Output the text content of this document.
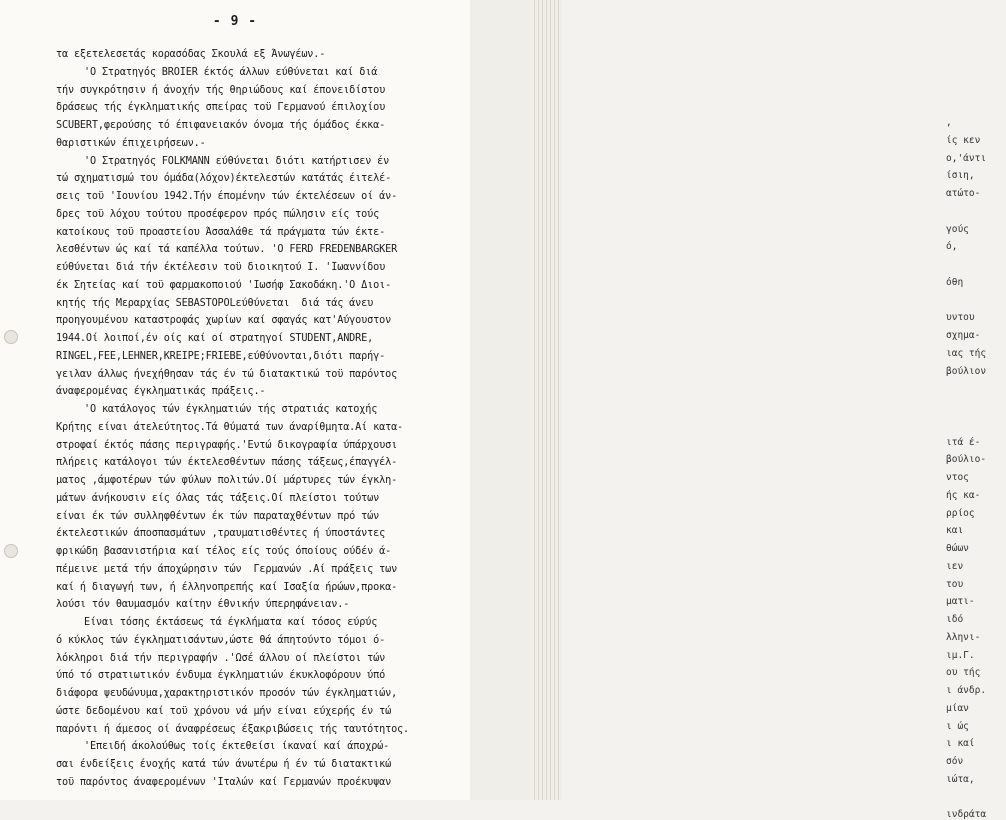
- 9 -
τα εξετελεσετάς κορασόδας Σκουλά εξ Άνωγέων.-
'Ο Στρατηγός BROIER έκτός άλλων εύθύνεται καί διά
τήν συγκρότησιν ή άνοχήν τής θηριώδους καί έπονειδίστου
δράσεως τής έγκληματικής σπείρας τοϋ Γερμανού έπιλοχίου
SCUBERT,φερούσης τό έπιφανειακόν όνομα τής όμάδος έκκα-
θαριστικών έπιχειρήσεων.-
'Ο Στρατηγός FOLKMANN εύθύνεται διότι κατήρτισεν έν
τώ σχηματισμώ του όμάδα(λόχον)έκτελεστών κατάτάς έιτελέ-
σεις τοϋ 'Ιουνίου 1942.Τήν έπομένην τών έκτελέσεων οί άν-
δρες τοϋ λόχου τούτου προσέφερον πρός πώλησιν είς τούς
κατοίκους τοϋ προαστείου Άσσαλάθε τά πράγματα τών έκτε-
λεσθέντων ώς καί τά καπέλλα τούτων. 'Ο FERD FREDENBARGKER
εύθύνεται διά τήν έκτέλεσιν τοϋ διοικητού Ι. 'Ιωαννίδου
έκ Σητείας καί τοϋ φαρμακοποιού 'Ιωσήφ Σακοδάκη.'Ο Διοι-
κητής τής Μεραρχίας SEBASTOPOLεύθύνεται  διά τάς άνευ
προηγουμένου καταστροφάς χωρίων καί σφαγάς κατ'Αύγουστον
1944.Οί λοιποί,έν οίς καί οί στρατηγοί STUDENT,ANDRE,
RINGEL,FEE,LEHNER,KREIPE;FRIEBE,εύθύνονται,διότι παρήγ-
γειλαν άλλως ήνεχήθησαν τάς έν τώ διατακτικώ τοϋ παρόντος
άναφερομένας έγκληματικάς πράξεις.-
'Ο κατάλογος τών έγκληματιών τής στρατιάς κατοχής
Κρήτης είναι άτελεύτητος.Τά θύματά των άναρίθμητα.Αί κατα-
στροφαί έκτός πάσης περιγραφής.'Εντώ δικογραφία ύπάρχουσι
πλήρεις κατάλογοι τών έκτελεσθέντων πάσης τάξεως,έπαγγέλ-
ματος ,άμφοτέρων τών φύλων πολιτών.Οί μάρτυρες τών έγκλη-
μάτων άνήκουσιν είς όλας τάς τάξεις.Οί πλείστοι τούτων
είναι έκ τών συλληφθέντων έκ τών παραταχθέντων πρό τών
έκτελεστικών άποσπασμάτων ,τραυματισθέντες ή ύποστάντες
φρικώδη βασανιστήρια καί τέλος είς τούς όποίους ούδέν ά-
πέμεινε μετά τήν άποχώρησιν τών  Γερμανών .Αί πράξεις των
καί ή διαγωγή των, ή έλληνοπρεπής καί Ισαξία ήρώων,προκα-
λούσι τόν θαυμασμόν καίτην έθνικήν ύπερηφάνειαν.-
Είναι τόσης έκτάσεως τά έγκλήματα καί τόσος εύρύς
ό κύκλος τών έγκληματισάντων,ώστε θά άπητούντο τόμοι ό-
λόκληροι διά τήν περιγραφήν .'Ωσέ άλλου οί πλείστοι τών
ύπό τό στρατιωτικόν ένδυμα έγκληματιών έκυκλοφόρουν ύπό
διάφορα ψευδώνυμα,χαρακτηριστικόν προσόν τών έγκληματιών,
ώστε δεδομένου καί τοϋ χρόνου νά μήν είναι εύχερής έν τώ
παρόντι ή άμεσος οί άναφρέσεως έξακριβώσεις τής ταυτότητος.
'Επειδή άκολούθως τοίς έκτεθείσι ίκαναί καί άποχρώ-
σαι ένδείξεις ένοχής κατά τών άνωτέρω ή έν τώ διατακτικώ
τοϋ παρόντος άναφερομένων 'Ιταλών καί Γερμανών προέκυψαν
,
ίς κεν
ο,'άντι
ίσιη,
ατώτο-
γούς
ό,
όθη
υντου
σχημα-
ιας τής
βούλιον
ιτά έ-
βούλιο-
ντος
ής κα-
ρρίος
και
θώων
ιεν
του
ματι-
ιδό
λληνι-
ιμ.Γ.
ου τής
ι άνδρ.
μίαν
ι ώς
ι καί
σόν
ιώτα,
ινδράτα
